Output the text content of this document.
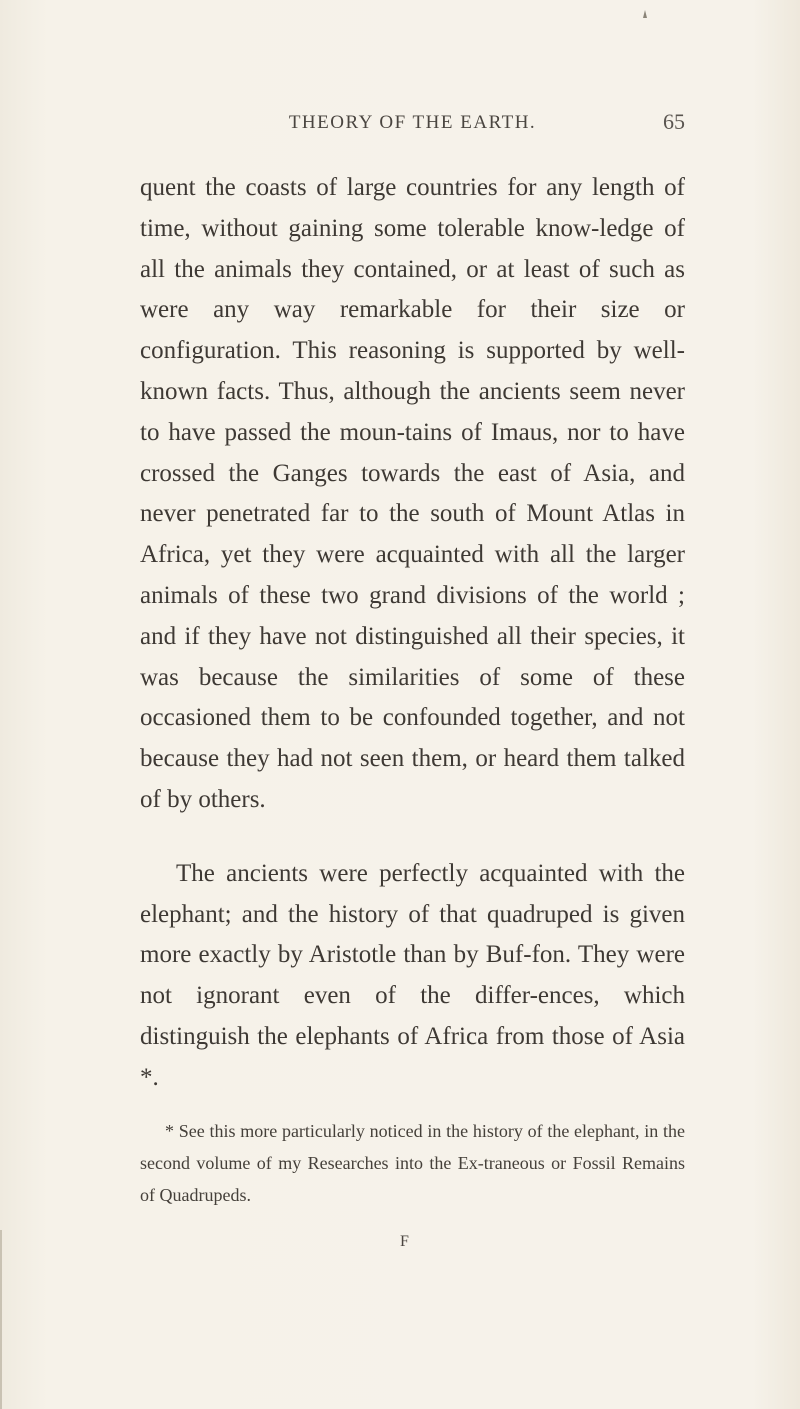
THEORY OF THE EARTH.	65

quent the coasts of large countries for any length of time, without gaining some tolerable know-ledge of all the animals they contained, or at least of such as were any way remarkable for their size or configuration. This reasoning is supported by well-known facts. Thus, although the ancients seem never to have passed the moun-tains of Imaus, nor to have crossed the Ganges towards the east of Asia, and never penetrated far to the south of Mount Atlas in Africa, yet they were acquainted with all the larger animals of these two grand divisions of the world ; and if they have not distinguished all their species, it was because the similarities of some of these occasioned them to be confounded together, and not because they had not seen them, or heard them talked of by others.

The ancients were perfectly acquainted with the elephant; and the history of that quadruped is given more exactly by Aristotle than by Buf-fon. They were not ignorant even of the differ-ences, which distinguish the elephants of Africa from those of Asia *.

* See this more particularly noticed in the history of the elephant, in the second volume of my Researches into the Ex-traneous or Fossil Remains of Quadrupeds.

F
